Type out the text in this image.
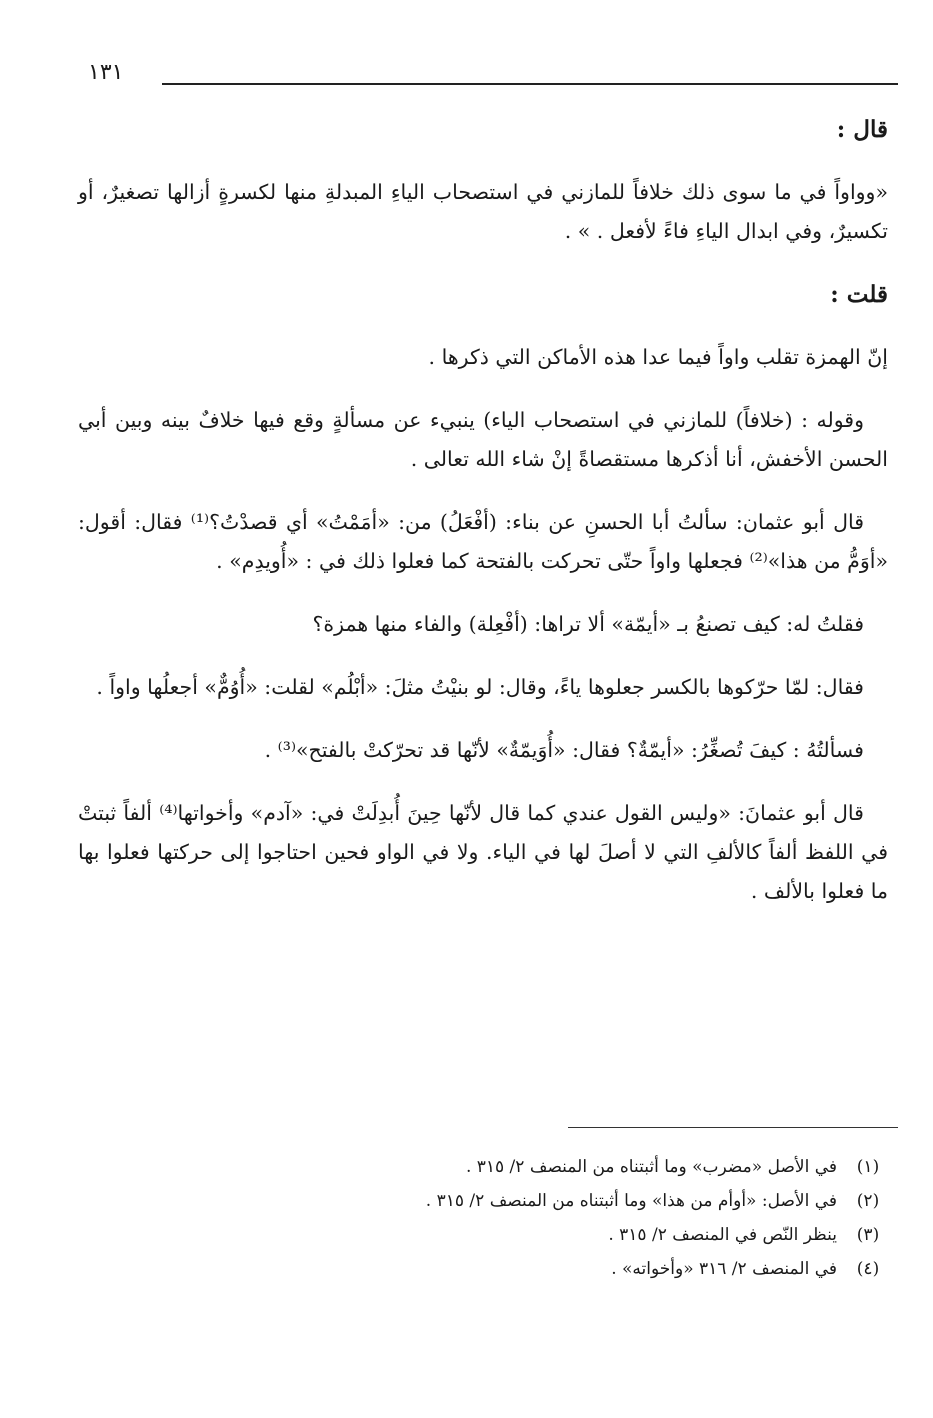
١٣١

قال :

«وواواً في ما سوى ذلك خلافاً للمازني في استصحاب الياءِ المبدلةِ منها لكسرةٍ أزالها تصغيرٌ، أو تكسيرٌ، وفي ابدال الياءِ فاءً لأفعل . » .

قلت :

إنّ الهمزة تقلب واواً فيما عدا هذه الأماكن التي ذكرها .

وقوله : (خلافاً) للمازني في استصحاب الياء) ينبيء عن مسألةٍ وقع فيها خلافٌ بينه وبين أبي الحسن الأخفش، أنا أذكرها مستقصاةً إنْ شاء الله تعالى .

قال أبو عثمان: سألتُ أبا الحسنِ عن بناء: (أفْعَلُ) من: «أمَمْتُ» أي قصدْتُ؟⁽¹⁾ فقال: أقول: «أوَمُّ من هذا»⁽²⁾ فجعلها واواً حتّى تحركت بالفتحة كما فعلوا ذلك في : «أُويدِم» .

فقلتُ له: كيف تصنعُ بـ «أيمّة» ألا تراها: (أفْعِلة) والفاء منها همزة؟

فقال: لمّا حرّكوها بالكسر جعلوها ياءً، وقال: لو بنيْتُ مثلَ: «أبْلُم» لقلت: «أُوُمٌّ» أجعلُها واواً .

فسألتُهُ : كيفَ تُصغِّرُ: «أيمّةٌ؟ فقال: «أُوَيمّةٌ» لأنّها قد تحرّكتْ بالفتح»⁽³⁾ .

قال أبو عثمانَ: «وليس القول عندي كما قال لأنّها حِينَ أُبدِلَتْ في: «آدم» وأخواتها⁽⁴⁾ ألفاً ثبتتْ في اللفظ ألفاً كالألفِ التي لا أصلَ لها في الياء. ولا في الواو فحين احتاجوا إلى حركتها فعلوا بها ما فعلوا بالألف .

(١)
في الأصل «مضرب» وما أثبتناه من المنصف ٢/ ٣١٥ .
(٢)
في الأصل: «أوأم من هذا» وما أثبتناه من المنصف ٢/ ٣١٥ .
(٣)
ينظر النّص في المنصف ٢/ ٣١٥ .
(٤)
في المنصف ٢/ ٣١٦ «وأخواته» .
